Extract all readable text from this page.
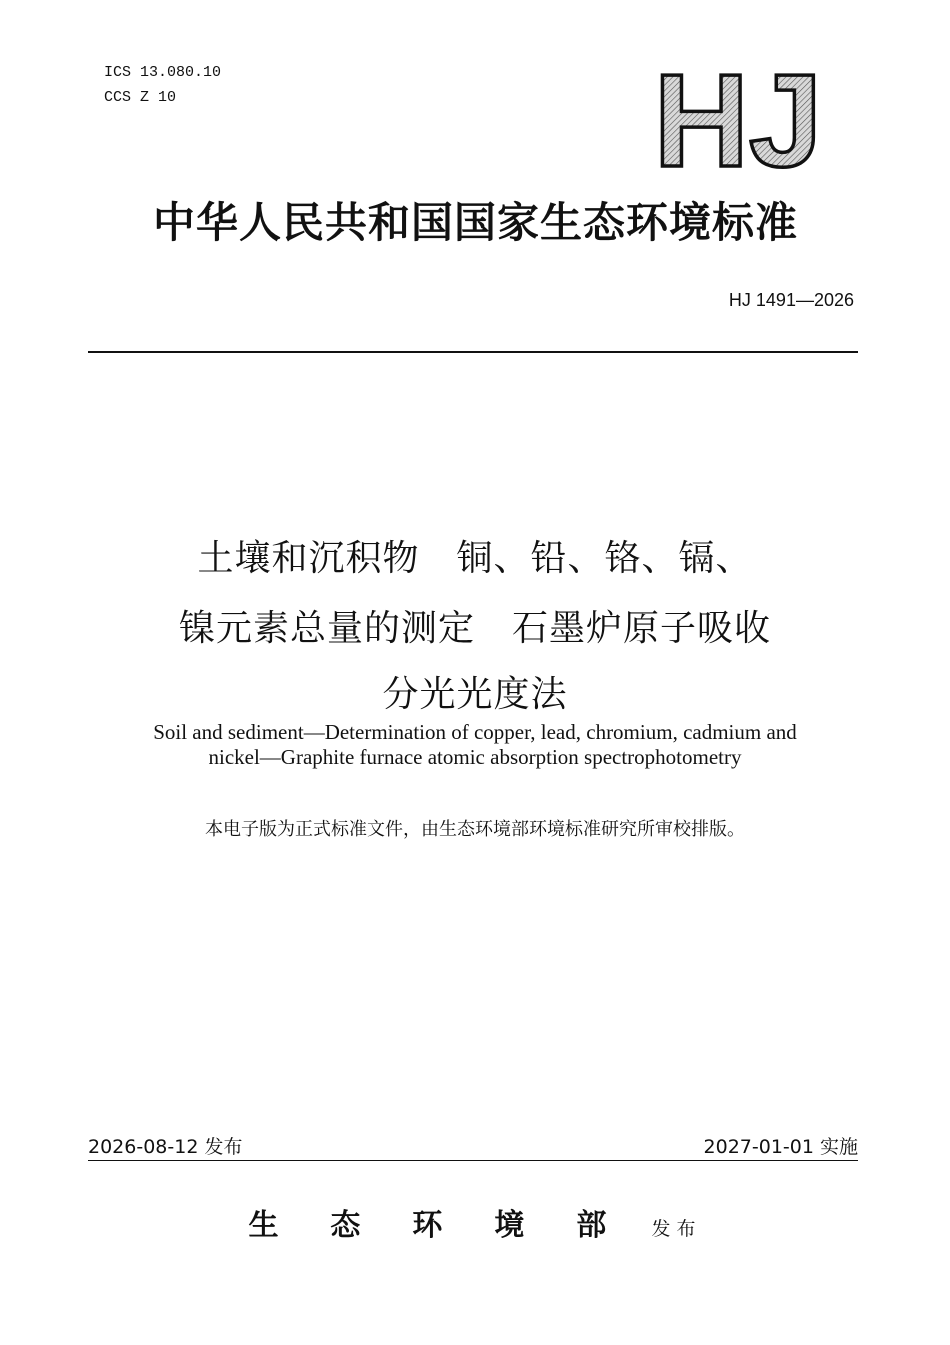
ICS 13.080.10
CCS Z 10	HJ
中华人民共和国国家生态环境标准
HJ 1491—2026
土壤和沉积物　铜、铅、铬、镉、
镍元素总量的测定　石墨炉原子吸收
分光光度法
Soil and sediment—Determination of copper, lead, chromium, cadmium and
nickel—Graphite furnace atomic absorption spectrophotometry
本电子版为正式标准文件，由生态环境部环境标准研究所审校排版。
2026-08-12 发布	2027-01-01 实施
生态环境部 发布
